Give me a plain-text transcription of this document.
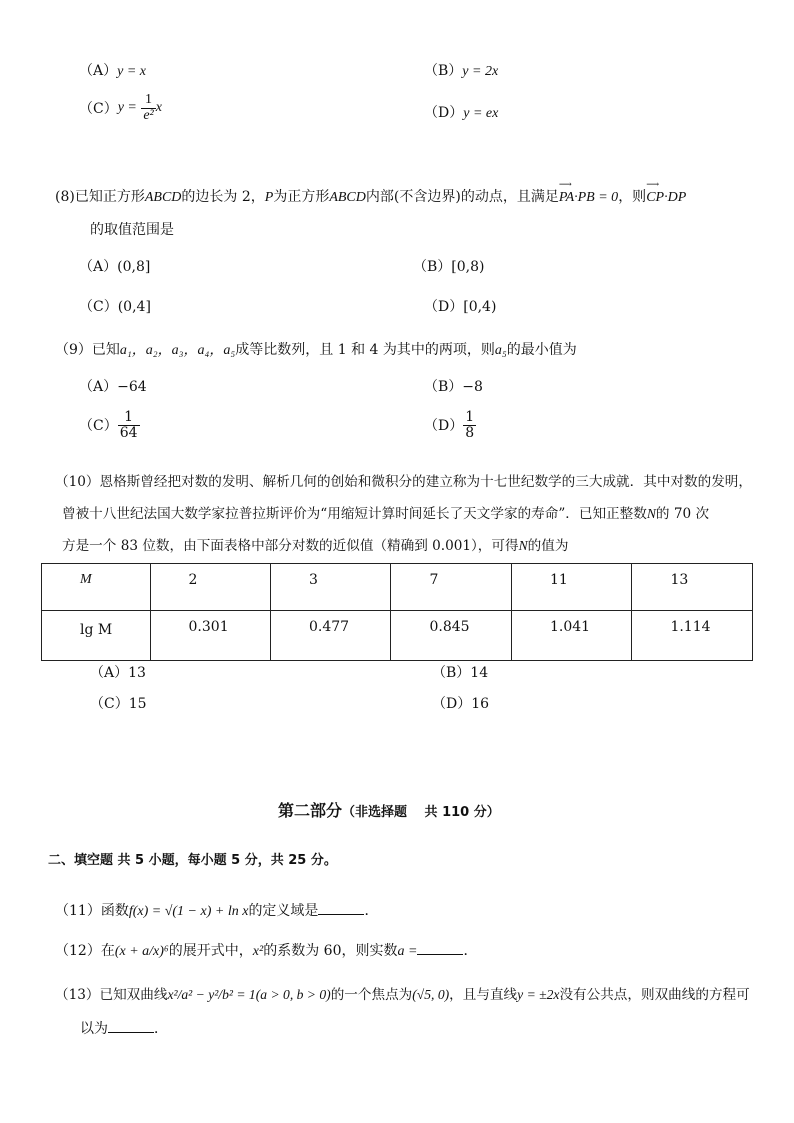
（A）y = x	（B）y = 2x
$(C)y = \frac{1}{\text{e²}}$ x	（D）y = ex
(8)已知正方形ABCD的边长为 2，P为正方形ABCD内部(不含边界)的动点，且满足⟶ PA·PB = 0，则⟶ CP·DP
的取值范围是
（A）(0,8]	（B）[0,8)
（C）(0,4]	（D）[0,4)
（9）已知a₁，a₂，a₃，a₄，a₅成等比数列，且 1 和 4 为其中的两项，则a₅的最小值为
（A）−64	（B）−8
$(C) \frac{1}{64}$	$(D) \frac{1}{8}$
（10）恩格斯曾经把对数的发明、解析几何的创始和微积分的建立称为十七世纪数学的三大成就．其中对数的发明，
曾被十八世纪法国大数学家拉普拉斯评价为“用缩短计算时间延长了天文学家的寿命”．已知正整数N的 70 次
方是一个 83 位数，由下面表格中部分对数的近似值（精确到 0.001），可得N的值为
M	2	3	7	11	13
lg M	0.301	0.477	0.845	1.041	1.114
（A）13	（B）14
（C）15	（D）16
第二部分（非选择题　 共 110 分）
二、填空题 共 5 小题，每小题 5 分，共 25 分。
（11）函数f(x) = √(1 − x) + ln x的定义域是	．
（12）在(x + a/x)⁶的展开式中，x²的系数为 60，则实数a =	．
（13）已知双曲线x²/a² − y²/b² = 1(a > 0, b > 0)的一个焦点为(√5, 0)，且与直线y = ±2x没有公共点，则双曲线的方程可
以为	．
